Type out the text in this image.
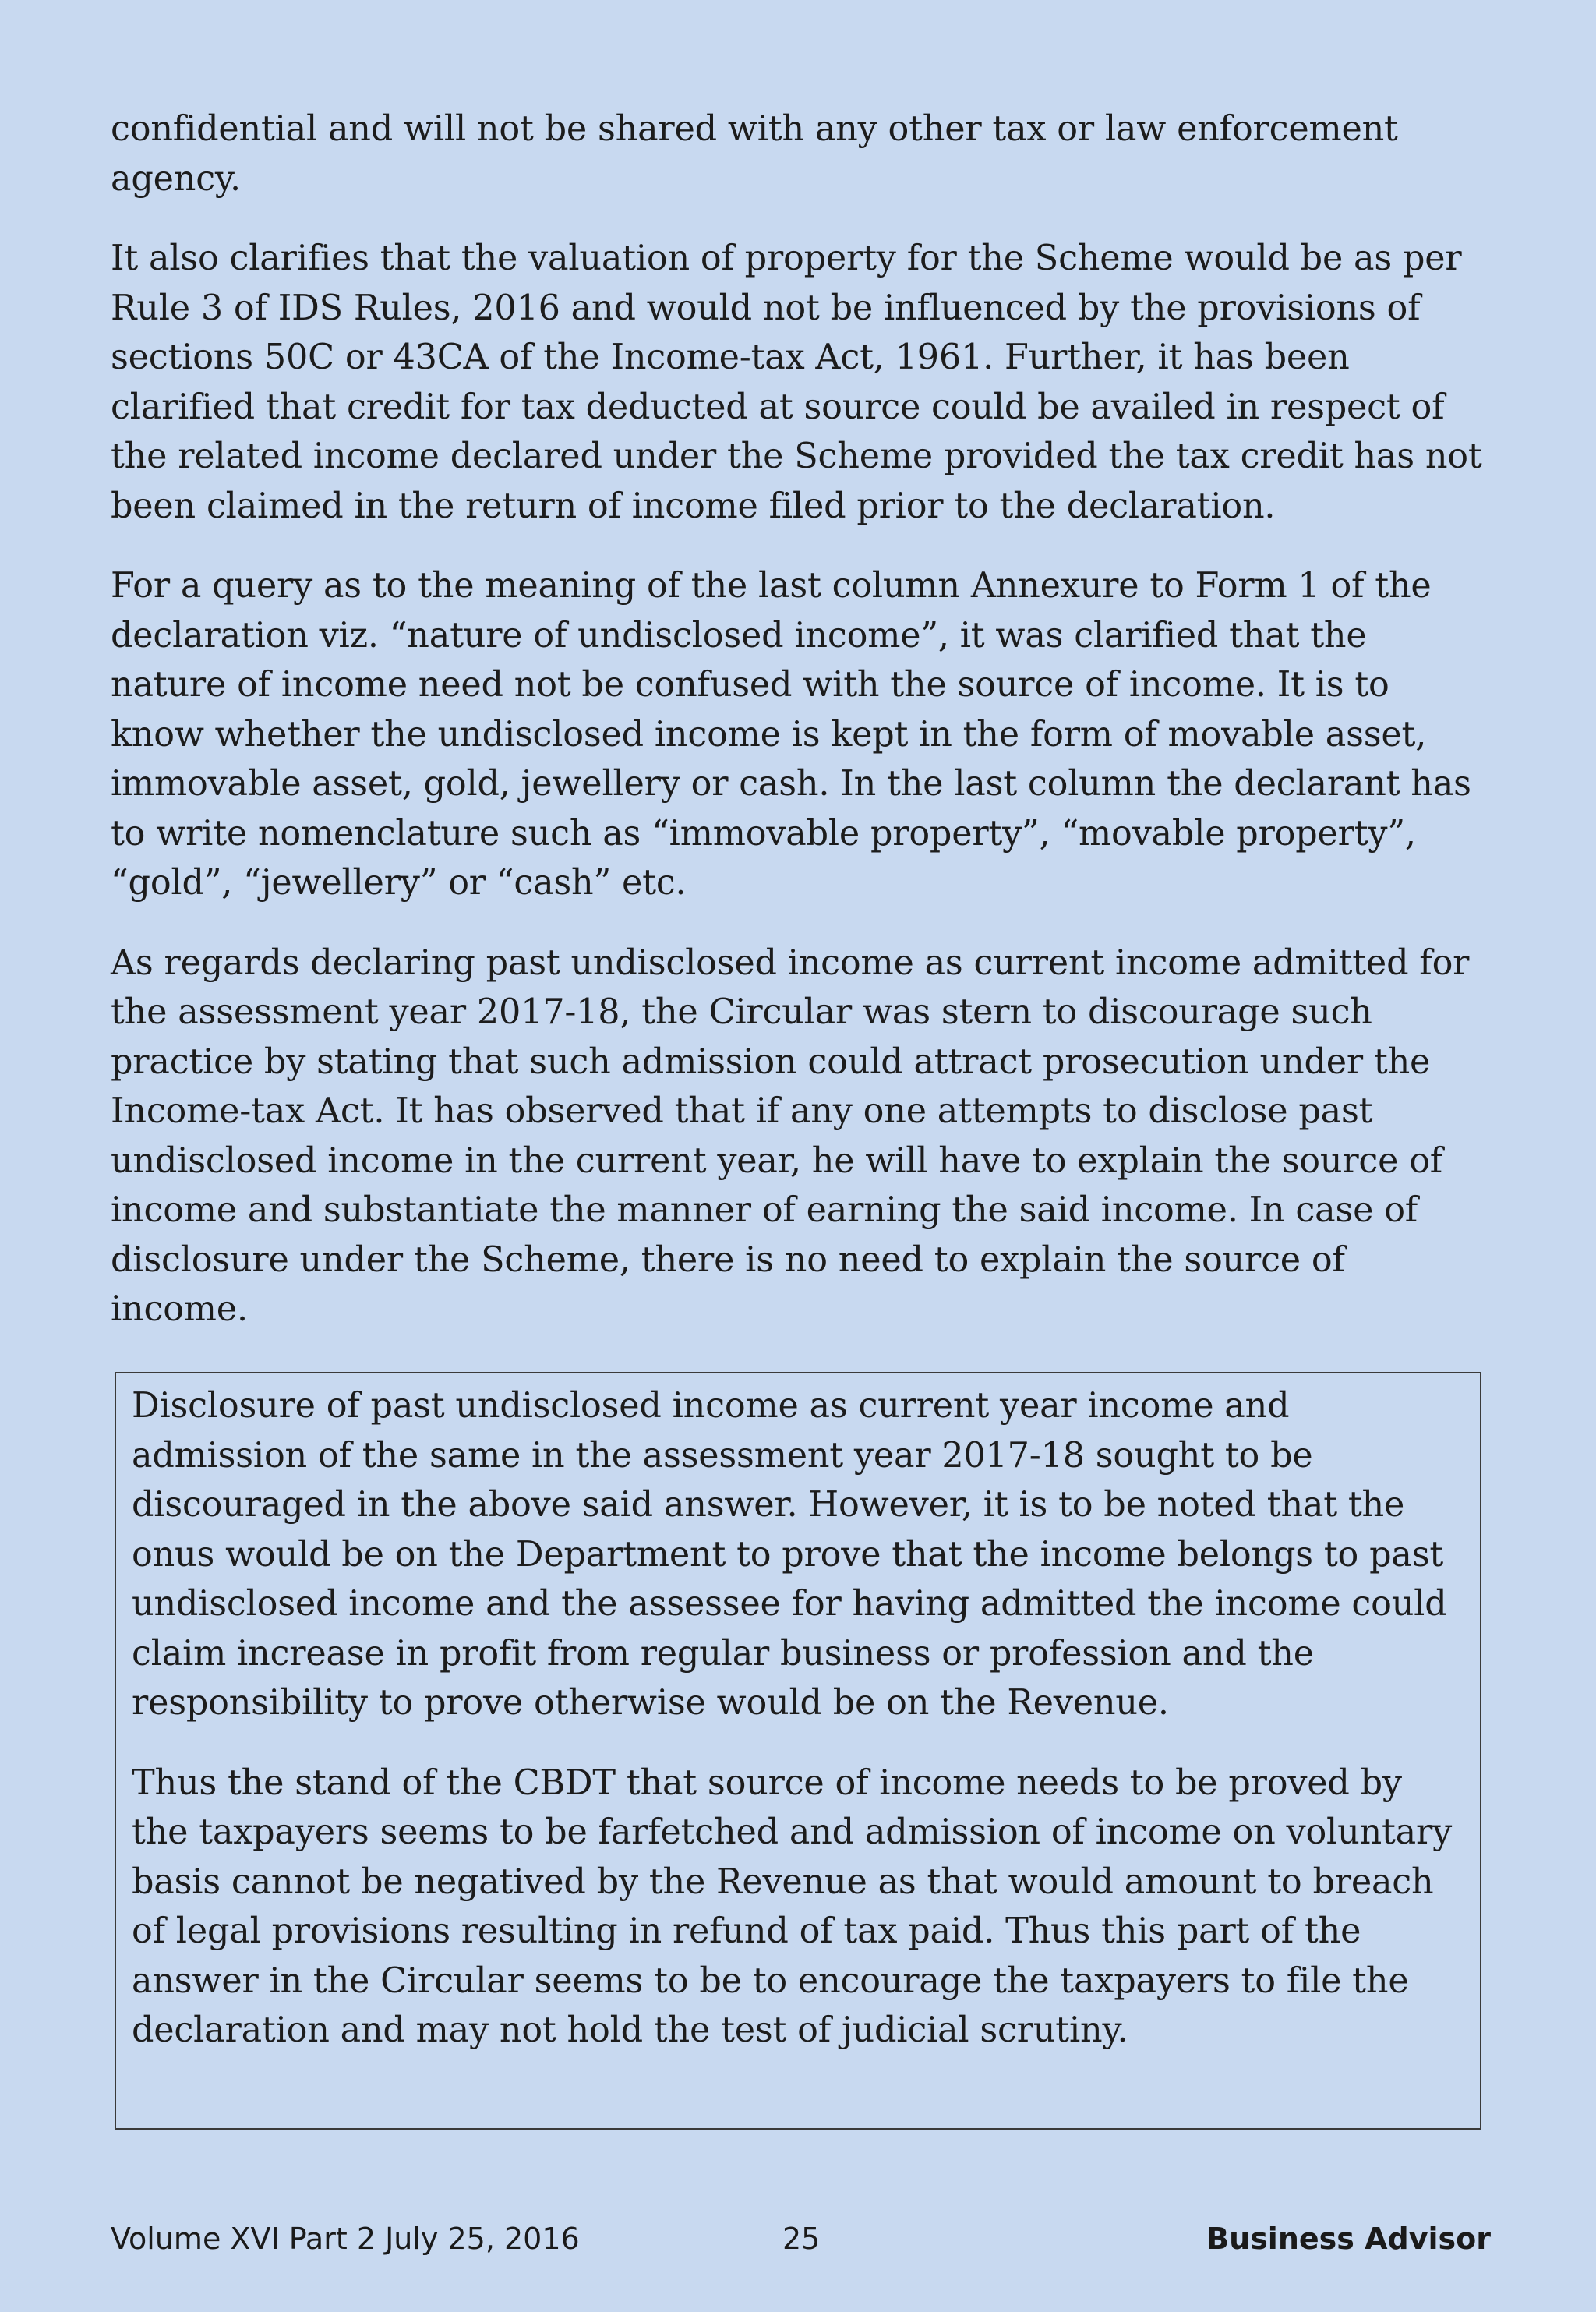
confidential and will not be shared with any other tax or law enforcement agency.

It also clarifies that the valuation of property for the Scheme would be as per Rule 3 of IDS Rules, 2016 and would not be influenced by the provisions of sections 50C or 43CA of the Income-tax Act, 1961. Further, it has been clarified that credit for tax deducted at source could be availed in respect of the related income declared under the Scheme provided the tax credit has not been claimed in the return of income filed prior to the declaration.

For a query as to the meaning of the last column Annexure to Form 1 of the declaration viz. “nature of undisclosed income”, it was clarified that the nature of income need not be confused with the source of income. It is to know whether the undisclosed income is kept in the form of movable asset, immovable asset, gold, jewellery or cash. In the last column the declarant has to write nomenclature such as “immovable property”, “movable property”, “gold”, “jewellery” or “cash” etc.

As regards declaring past undisclosed income as current income admitted for the assessment year 2017-18, the Circular was stern to discourage such practice by stating that such admission could attract prosecution under the Income-tax Act. It has observed that if any one attempts to disclose past undisclosed income in the current year, he will have to explain the source of income and substantiate the manner of earning the said income. In case of disclosure under the Scheme, there is no need to explain the source of income.

Disclosure of past undisclosed income as current year income and admission of the same in the assessment year 2017-18 sought to be discouraged in the above said answer. However, it is to be noted that the onus would be on the Department to prove that the income belongs to past undisclosed income and the assessee for having admitted the income could claim increase in profit from regular business or profession and the responsibility to prove otherwise would be on the Revenue.

Thus the stand of the CBDT that source of income needs to be proved by the taxpayers seems to be farfetched and admission of income on voluntary basis cannot be negatived by the Revenue as that would amount to breach of legal provisions resulting in refund of tax paid. Thus this part of the answer in the Circular seems to be to encourage the taxpayers to file the declaration and may not hold the test of judicial scrutiny.

Volume XVI Part 2 July 25, 2016	25	Business Advisor
